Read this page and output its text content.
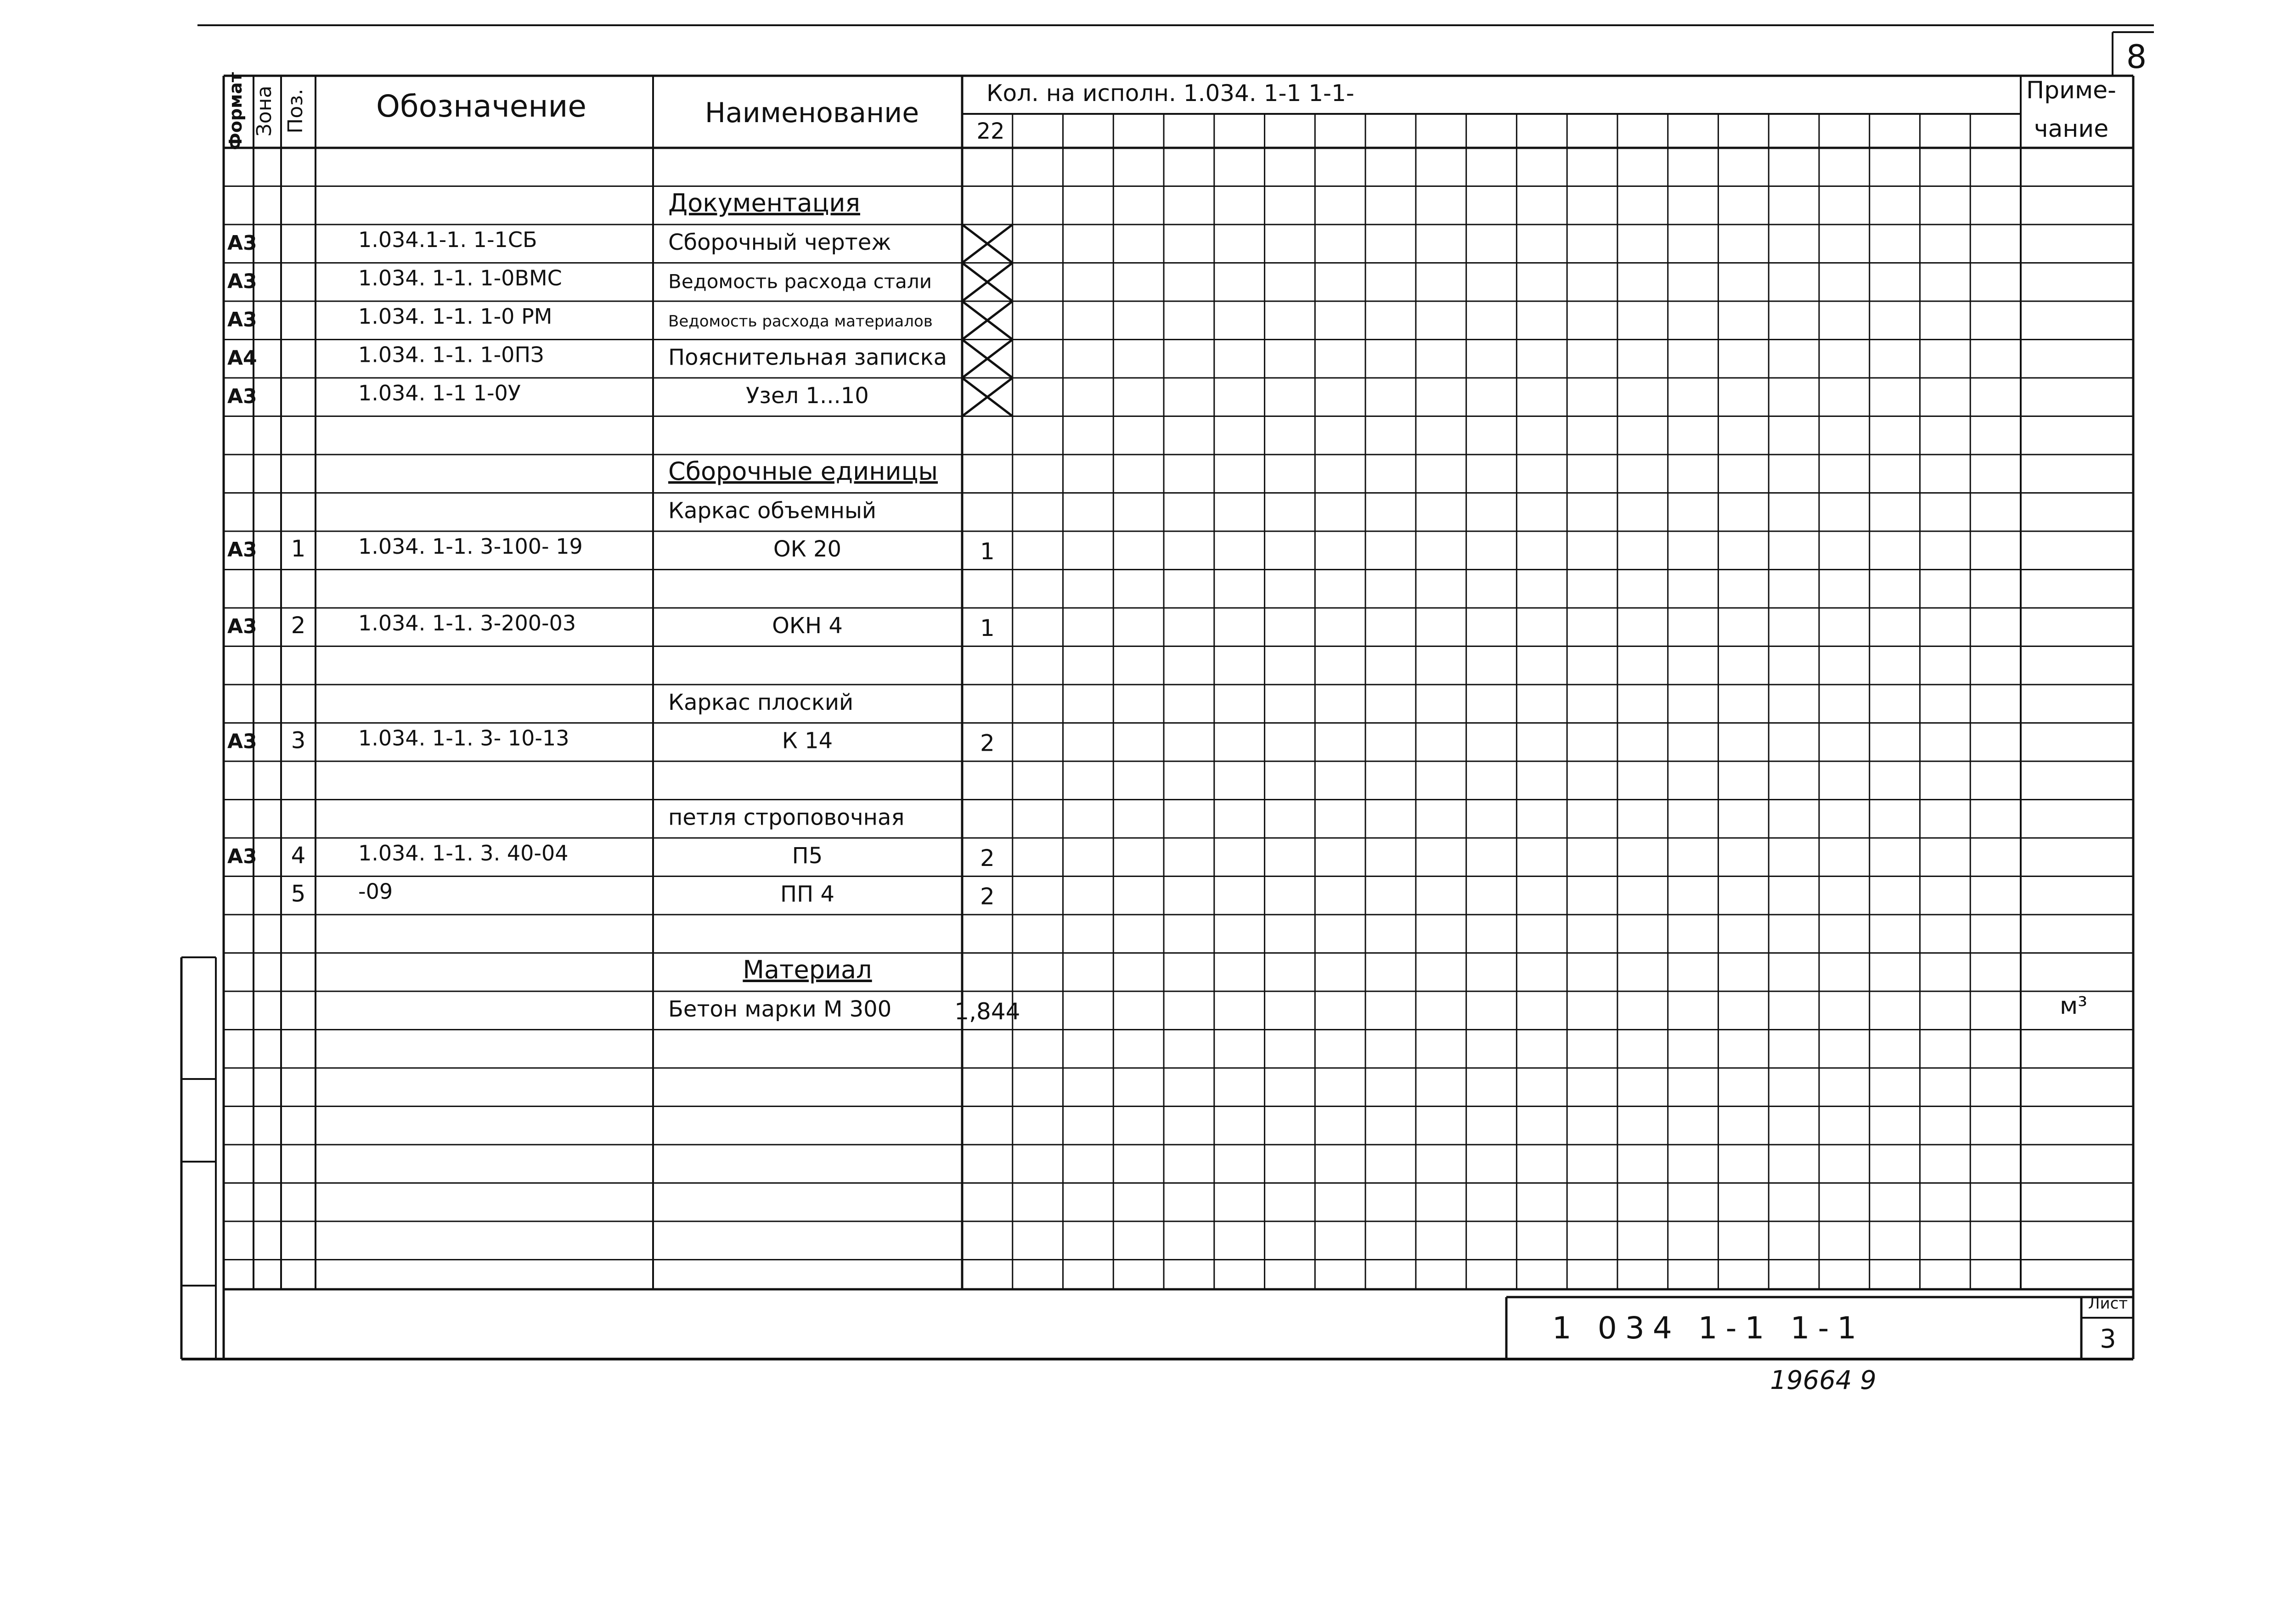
8
Формат Зона Поз. Обозначение	Наименование
Кол. на исполн. 1.034. 1-1 1-1-
22
Приме-
чание
Документация
А3	1.034.1-1. 1-1СБ	Сборочный чертеж
А3	1.034. 1-1. 1-0ВМС	Ведомость расхода стали
А3	1.034. 1-1. 1-0 РМ	Ведомость расхода материалов
А4	1.034. 1-1. 1-0ПЗ	Пояснительная записка
А3	1.034. 1-1 1-0У	Узел 1...10
Сборочные единицы
Каркас объемный
А3 1 1.034. 1-1. 3-100- 19	ОК 20	1
А3 2 1.034. 1-1. 3-200-03	ОКН 4	1
Каркас плоский
А3 3 1.034. 1-1. 3- 10-13	К 14	2
петля строповочная
А3 4 1.034. 1-1. 3. 40-04	П5	2
5 -09	ПП 4	2
Материал
Бетон марки М 300	1,844	м³
1 034 1-1 1-1
Лист
3
19664 9
